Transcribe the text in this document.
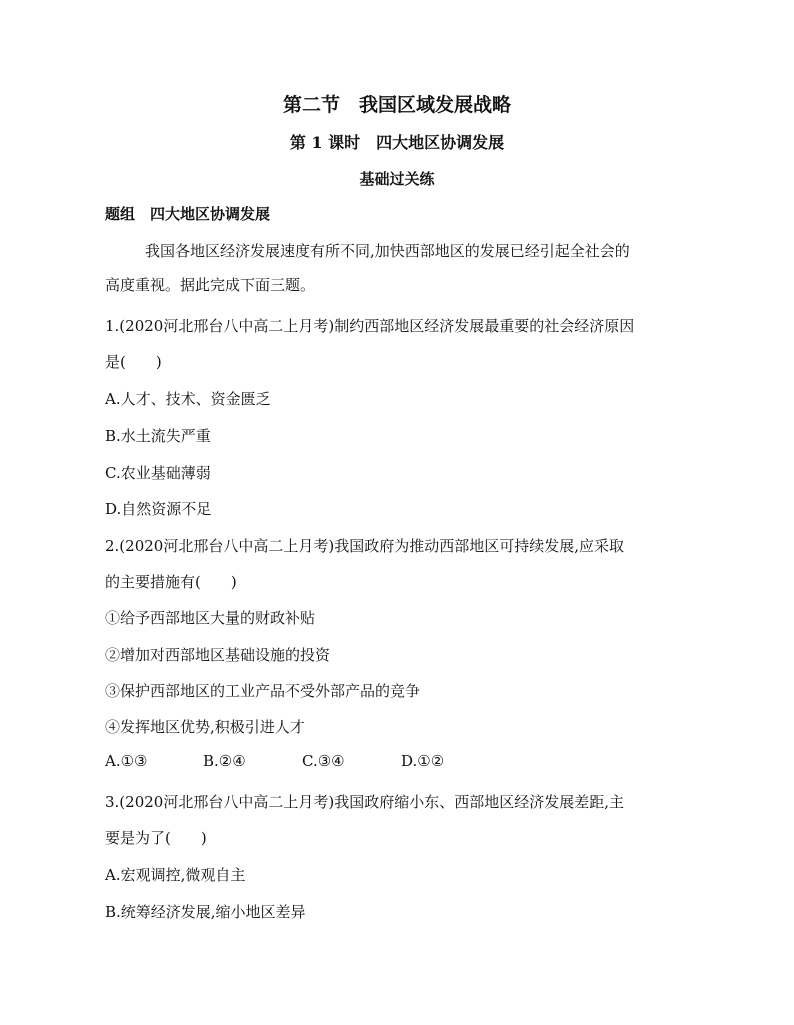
第二节　我国区域发展战略
第 1 课时　四大地区协调发展
基础过关练
题组　四大地区协调发展
我国各地区经济发展速度有所不同,加快西部地区的发展已经引起全社会的
高度重视。据此完成下面三题。
1.(2020河北邢台八中高二上月考)制约西部地区经济发展最重要的社会经济原因
是(　　)
A.人才、技术、资金匮乏
B.水土流失严重
C.农业基础薄弱
D.自然资源不足
2.(2020河北邢台八中高二上月考)我国政府为推动西部地区可持续发展,应采取
的主要措施有(　　)
①给予西部地区大量的财政补贴
②增加对西部地区基础设施的投资
③保护西部地区的工业产品不受外部产品的竞争
④发挥地区优势,积极引进人才
A.①③	B.②④	C.③④	D.①②
3.(2020河北邢台八中高二上月考)我国政府缩小东、西部地区经济发展差距,主
要是为了(　　)
A.宏观调控,微观自主
B.统筹经济发展,缩小地区差异
